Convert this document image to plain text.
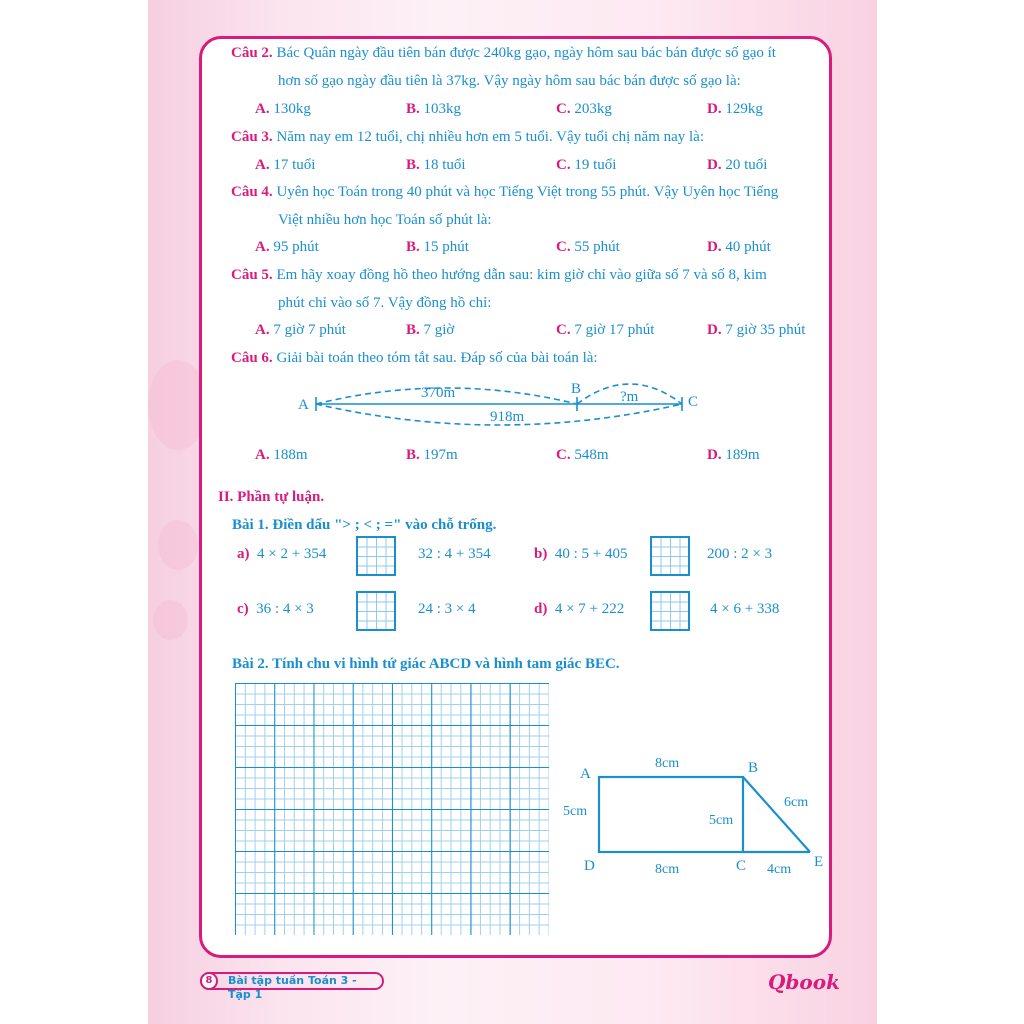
Câu 2. Bác Quân ngày đầu tiên bán được 240kg gạo, ngày hôm sau bác bán được số gạo ít
hơn số gạo ngày đầu tiên là 37kg. Vậy ngày hôm sau bác bán được số gạo là:
A. 130kg	B. 103kg	C. 203kg	D. 129kg
Câu 3. Năm nay em 12 tuổi, chị nhiều hơn em 5 tuổi. Vậy tuổi chị năm nay là:
A. 17 tuổi	B. 18 tuổi	C. 19 tuổi	D. 20 tuổi
Câu 4. Uyên học Toán trong 40 phút và học Tiếng Việt trong 55 phút. Vậy Uyên học Tiếng
Việt nhiều hơn học Toán số phút là:
A. 95 phút	B. 15 phút	C. 55 phút	D. 40 phút
Câu 5. Em hãy xoay đồng hồ theo hướng dẫn sau: kim giờ chỉ vào giữa số 7 và số 8, kim
phút chỉ vào số 7. Vậy đồng hồ chỉ:
A. 7 giờ 7 phút	B. 7 giờ	C. 7 giờ 17 phút	D. 7 giờ 35 phút
Câu 6. Giải bài toán theo tóm tắt sau. Đáp số của bài toán là:
A
B
C
370m	?m
918m
A. 188m	B. 197m	C. 548m	D. 189m
II. Phần tự luận.
Bài 1. Điền dấu "> ; < ; =" vào chỗ trống.
a) 4 × 2 + 354	32 : 4 + 354	b) 40 : 5 + 405	200 : 2 × 3
c) 36 : 4 × 3	24 : 3 × 4	d) 4 × 7 + 222	4 × 6 + 338
Bài 2. Tính chu vi hình tứ giác ABCD và hình tam giác BEC.
A	B
C
D	E
8cm
8cm
5cm
5cm
6cm
4cm
8	Bài tập tuần Toán 3 - Tập 1
Qbook
